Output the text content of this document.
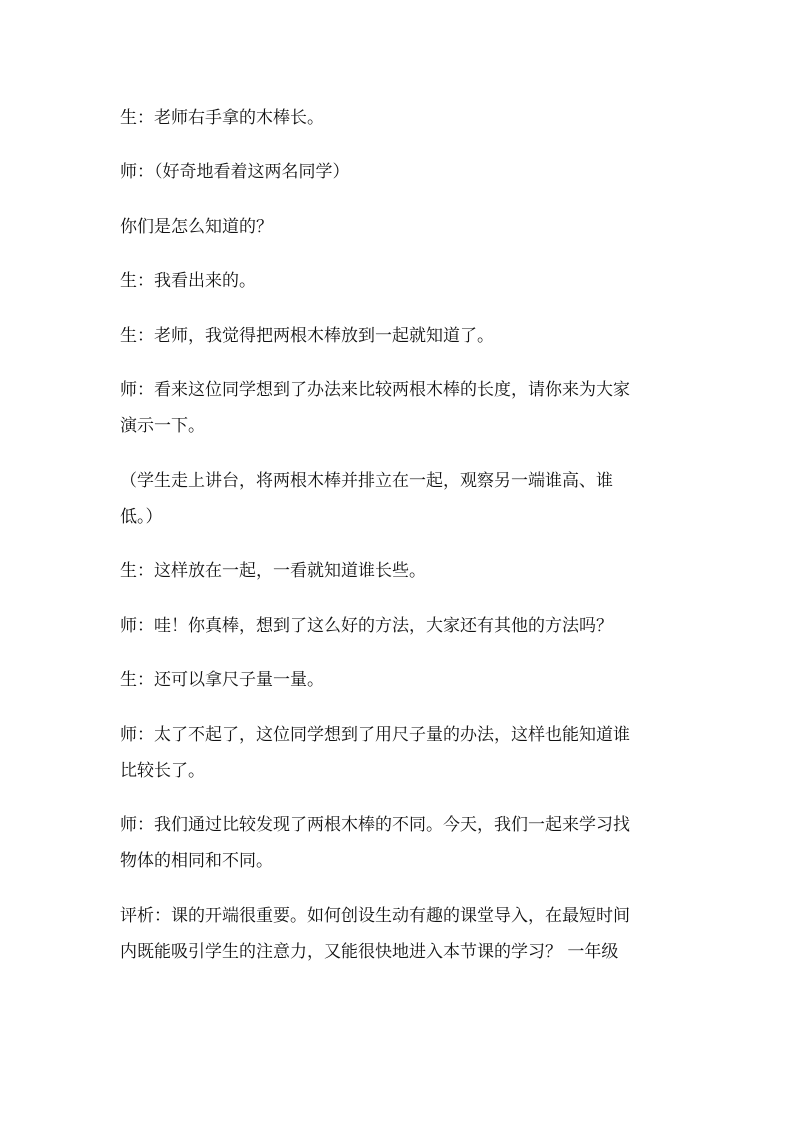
生：老师右手拿的木棒长。

师：（好奇地看着这两名同学）

你们是怎么知道的？

生：我看出来的。

生：老师，我觉得把两根木棒放到一起就知道了。

师：看来这位同学想到了办法来比较两根木棒的长度，请你来为大家
演示一下。

（学生走上讲台，将两根木棒并排立在一起，观察另一端谁高、谁
低。）

生：这样放在一起，一看就知道谁长些。

师：哇！你真棒，想到了这么好的方法，大家还有其他的方法吗？

生：还可以拿尺子量一量。

师：太了不起了，这位同学想到了用尺子量的办法，这样也能知道谁
比较长了。

师：我们通过比较发现了两根木棒的不同。今天，我们一起来学习找
物体的相同和不同。

评析：课的开端很重要。如何创设生动有趣的课堂导入，在最短时间
内既能吸引学生的注意力，又能很快地进入本节课的学习？ 一年级
